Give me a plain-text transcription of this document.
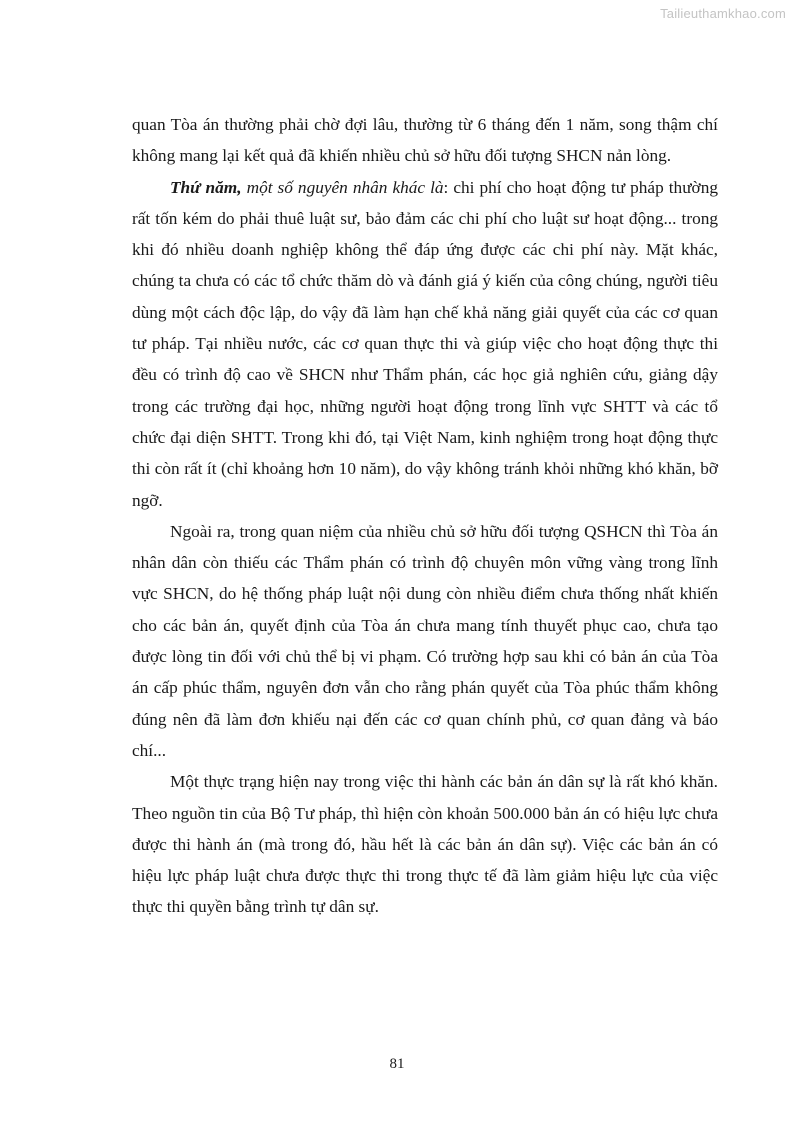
Tailieuthamkhao.com

quan Tòa án thường phải chờ đợi lâu, thường từ 6 tháng đến 1 năm, song thậm chí không mang lại kết quả đã khiến nhiều chủ sở hữu đối tượng SHCN nản lòng.

Thứ năm, một số nguyên nhân khác là: chi phí cho hoạt động tư pháp thường rất tốn kém do phải thuê luật sư, bảo đảm các chi phí cho luật sư hoạt động... trong khi đó nhiều doanh nghiệp không thể đáp ứng được các chi phí này. Mặt khác, chúng ta chưa có các tổ chức thăm dò và đánh giá ý kiến của công chúng, người tiêu dùng một cách độc lập, do vậy đã làm hạn chế khả năng giải quyết của các cơ quan tư pháp. Tại nhiều nước, các cơ quan thực thi và giúp việc cho hoạt động thực thi đều có trình độ cao về SHCN như Thẩm phán, các học giả nghiên cứu, giảng dậy trong các trường đại học, những người hoạt động trong lĩnh vực SHTT và các tổ chức đại diện SHTT. Trong khi đó, tại Việt Nam, kinh nghiệm trong hoạt động thực thi còn rất ít (chỉ khoảng hơn 10 năm), do vậy không tránh khỏi những khó khăn, bỡ ngỡ.

Ngoài ra, trong quan niệm của nhiều chủ sở hữu đối tượng QSHCN thì Tòa án nhân dân còn thiếu các Thẩm phán có trình độ chuyên môn vững vàng trong lĩnh vực SHCN, do hệ thống pháp luật nội dung còn nhiều điểm chưa thống nhất khiến cho các bản án, quyết định của Tòa án chưa mang tính thuyết phục cao, chưa tạo được lòng tin đối với chủ thể bị vi phạm. Có trường hợp sau khi có bản án của Tòa án cấp phúc thẩm, nguyên đơn vẫn cho rằng phán quyết của Tòa phúc thẩm không đúng nên đã làm đơn khiếu nại đến các cơ quan chính phủ, cơ quan đảng và báo chí...

Một thực trạng hiện nay trong việc thi hành các bản án dân sự là rất khó khăn. Theo nguồn tin của Bộ Tư pháp, thì hiện còn khoản 500.000 bản án có hiệu lực chưa được thi hành án (mà trong đó, hầu hết là các bản án dân sự). Việc các bản án có hiệu lực pháp luật chưa được thực thi trong thực tế đã làm giảm hiệu lực của việc thực thi quyền bằng trình tự dân sự.

81
